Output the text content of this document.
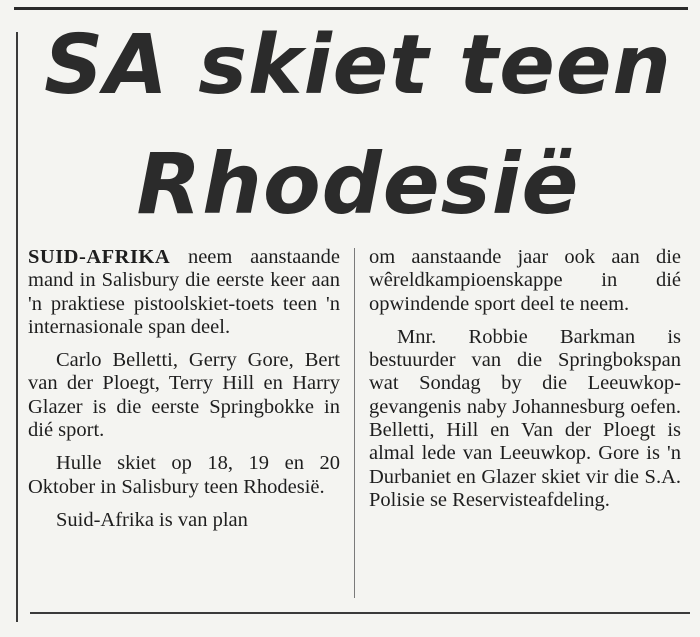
SA skiet teen
Rhodesië

SUID-AFRIKA neem aanstaande mand in Salisbury die eerste keer aan 'n praktiese pistoolskiet-toets teen 'n internasionale span deel.

Carlo Belletti, Gerry Gore, Bert van der Ploegt, Terry Hill en Harry Glazer is die eerste Springbokke in dié sport.

Hulle skiet op 18, 19 en 20 Oktober in Salisbury teen Rhodesië.

Suid-Afrika is van plan

om aanstaande jaar ook aan die wêreldkampioenskappe in dié opwindende sport deel te neem.

Mnr. Robbie Barkman is bestuurder van die Springbokspan wat Sondag by die Leeuwkop-gevangenis naby Johannesburg oefen. Belletti, Hill en Van der Ploegt is almal lede van Leeuwkop. Gore is 'n Durbaniet en Glazer skiet vir die S.A. Polisie se Reservisteafdeling.
